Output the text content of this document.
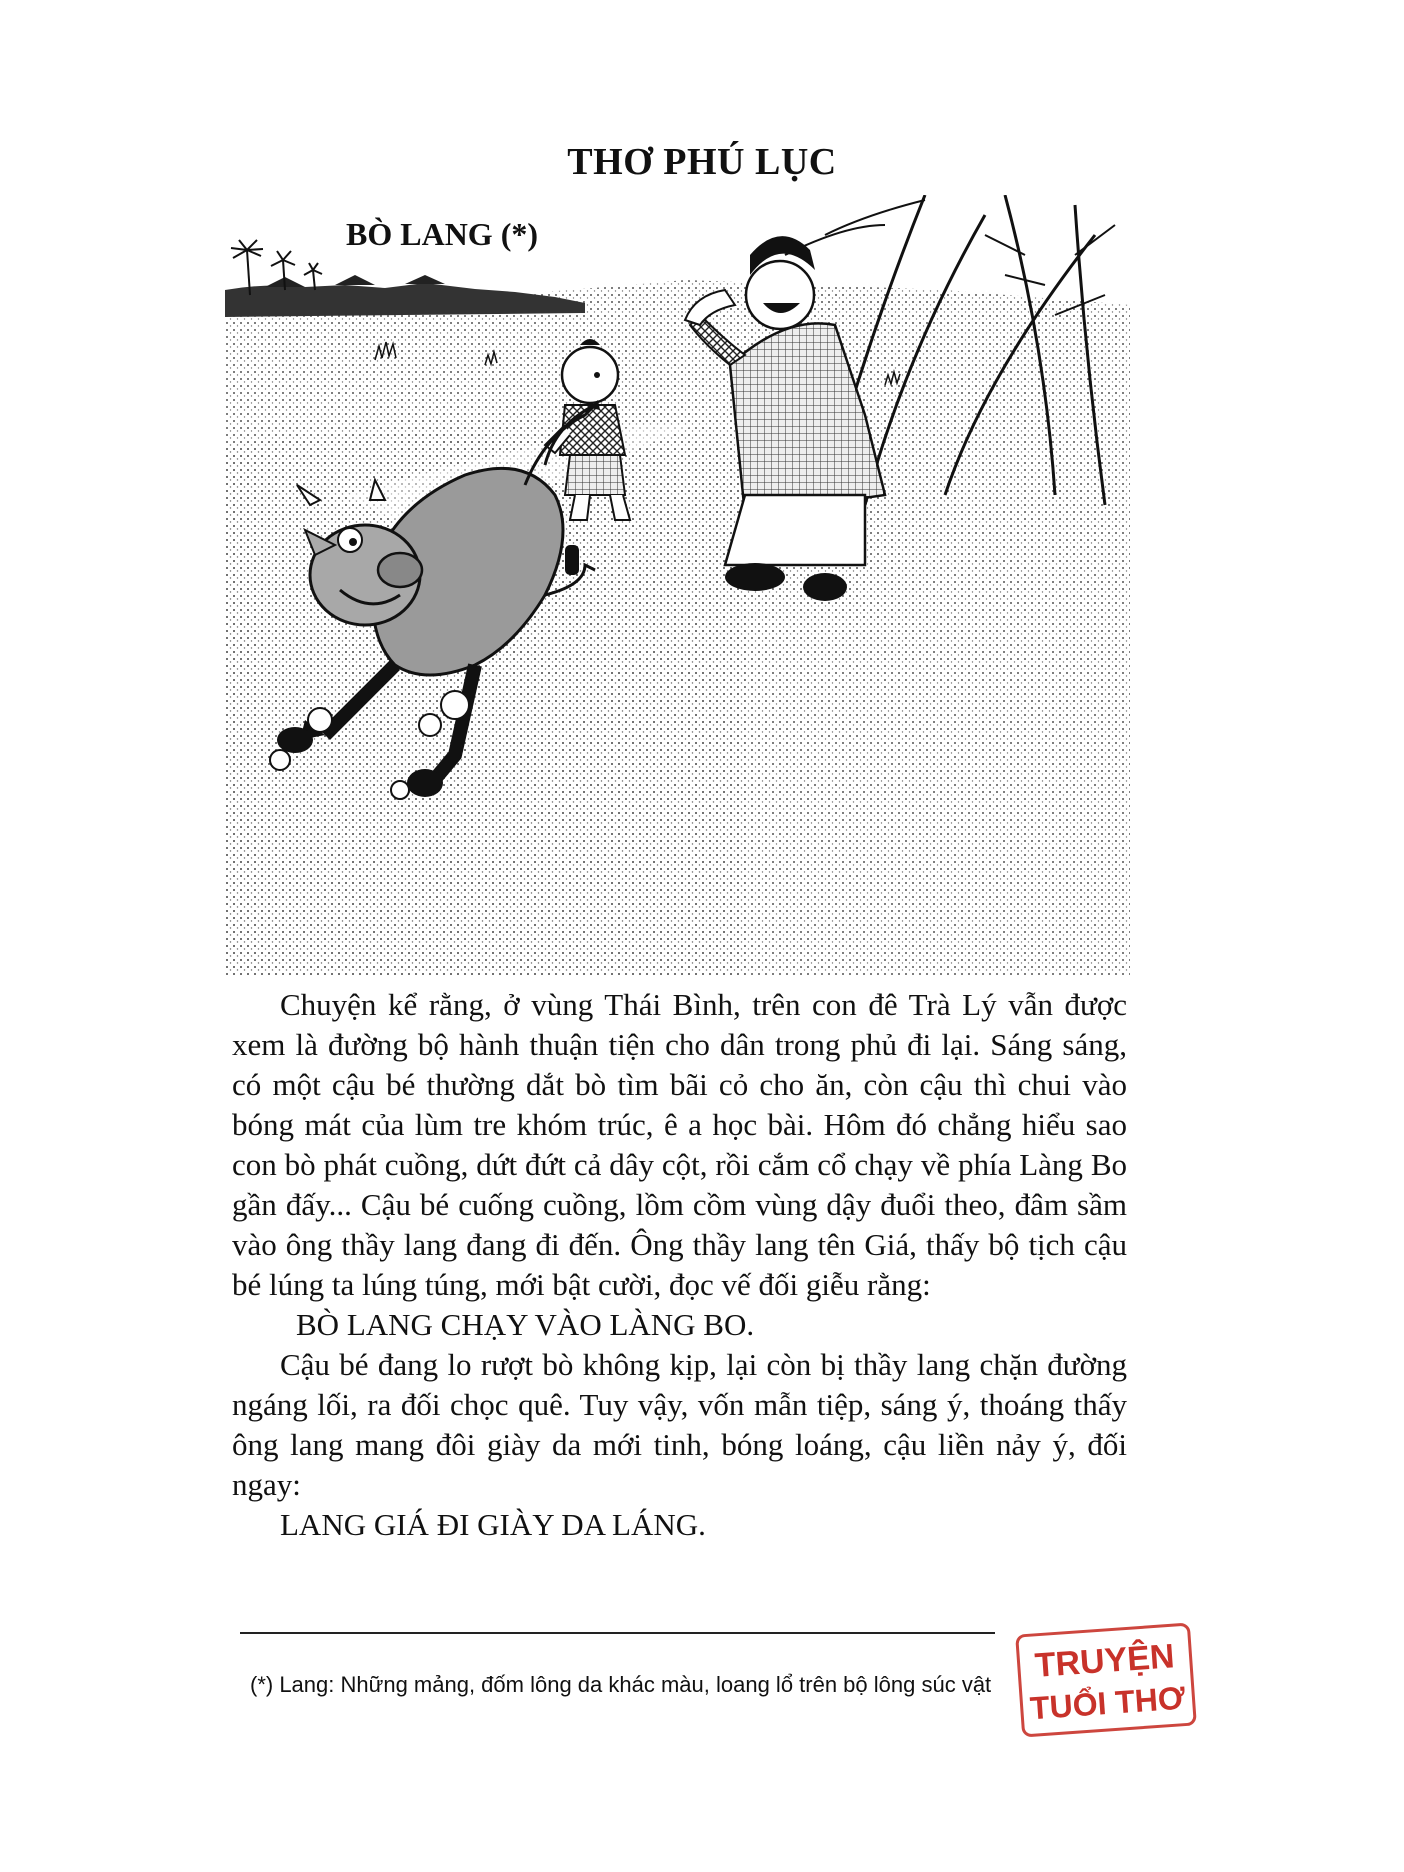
THƠ PHÚ LỤC
BÒ LANG (*)

Chuyện kể rằng, ở vùng Thái Bình, trên con đê Trà Lý vẫn được xem là đường bộ hành thuận tiện cho dân trong phủ đi lại. Sáng sáng, có một cậu bé thường dắt bò tìm bãi cỏ cho ăn, còn cậu thì chui vào bóng mát của lùm tre khóm trúc, ê a học bài. Hôm đó chẳng hiểu sao con bò phát cuồng, dứt đứt cả dây cột, rồi cắm cổ chạy về phía Làng Bo gần đấy... Cậu bé cuống cuồng, lồm cồm vùng dậy đuổi theo, đâm sầm vào ông thầy lang đang đi đến. Ông thầy lang tên Giá, thấy bộ tịch cậu bé lúng ta lúng túng, mới bật cười, đọc vế đối giễu rằng:

BÒ LANG CHẠY VÀO LÀNG BO.

Cậu bé đang lo rượt bò không kịp, lại còn bị thầy lang chặn đường ngáng lối, ra đối chọc quê. Tuy vậy, vốn mẫn tiệp, sáng ý, thoáng thấy ông lang mang đôi giày da mới tinh, bóng loáng, cậu liền nảy ý, đối ngay:

LANG GIÁ ĐI GIÀY DA LÁNG.

(*) Lang: Những mảng, đốm lông da khác màu, loang lổ trên bộ lông súc vật	TRUYỆN
TUỔI THƠ
